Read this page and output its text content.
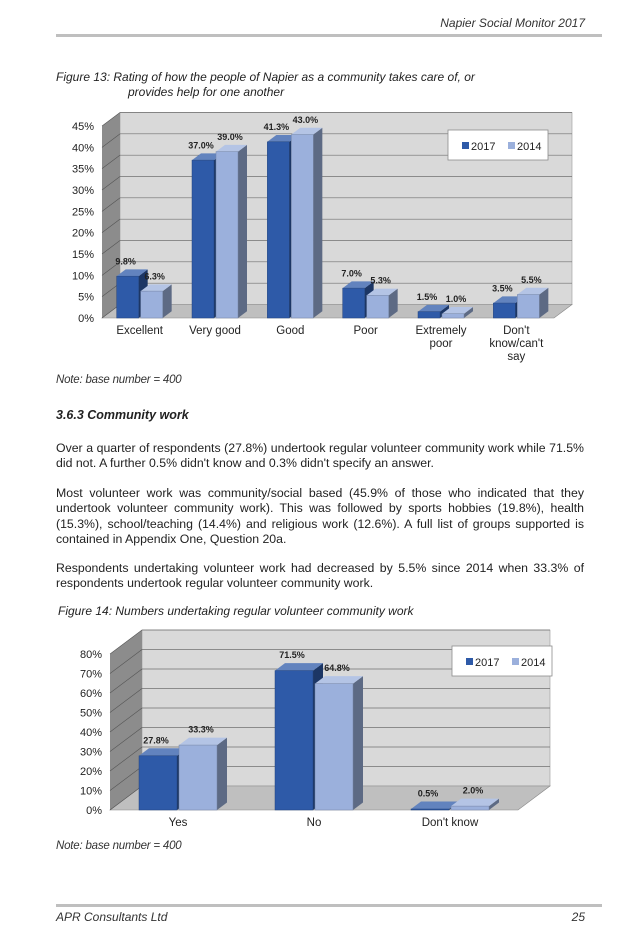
Napier Social Monitor 2017
Figure 13: Rating of how the people of Napier as a community takes care of, or
provides help for one another
0%
5%
10%
15%
20%
25%
30%
35%
40%
45%
9.8%
6.3%
Excellent
37.0%
39.0%
Very good
41.3%
43.0%
Good
7.0%
5.3%
Poor
1.5% 1.0%
Extremely
poor
3.5%
5.5%
Don't
know/can't
say
2017 2014
Note: base number = 400
3.6.3 Community work
Over a quarter of respondents (27.8%) undertook regular volunteer community work while 71.5% did not. A further 0.5% didn't know and 0.3% didn't specify an answer.
Most volunteer work was community/social based (45.9% of those who indicated that they undertook volunteer community work). This was followed by sports hobbies (19.8%), health (15.3%), school/teaching (14.4%) and religious work (12.6%). A full list of groups supported is contained in Appendix One, Question 20a.
Respondents undertaking volunteer work had decreased by 5.5% since 2014 when 33.3% of respondents undertook regular volunteer community work.
Figure 14: Numbers undertaking regular volunteer community work
0%
10%
20%
30%
40%
50%
60%
70%
80%
27.8%
33.3%
Yes
71.5%
64.8%
No
0.5%	2.0%
Don't know
2017 2014
Note: base number = 400
APR Consultants Ltd	25
